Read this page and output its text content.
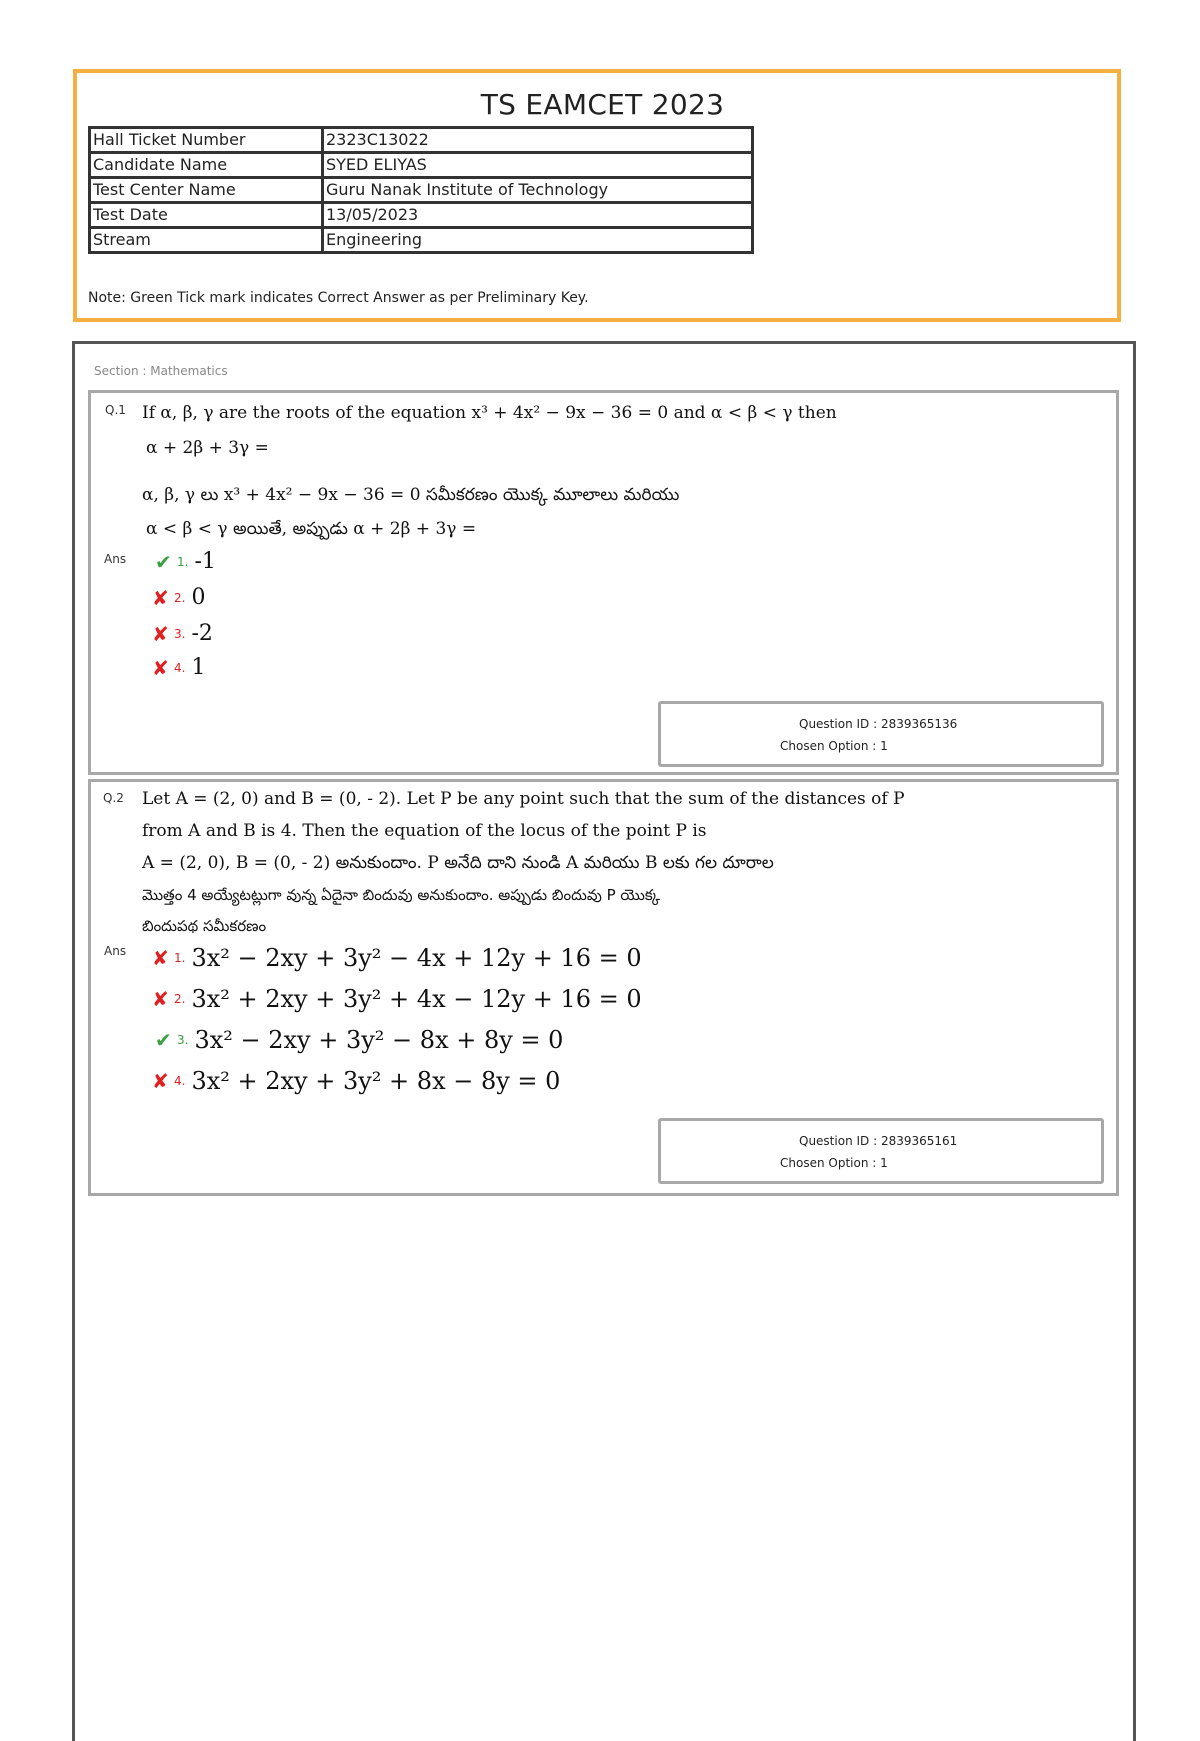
TS EAMCET 2023
Hall Ticket Number	2323C13022
Candidate Name	SYED ELIYAS
Test Center Name	Guru Nanak Institute of Technology
Test Date	13/05/2023
Stream	Engineering
Note: Green Tick mark indicates Correct Answer as per Preliminary Key.
Section : Mathematics
Q.1 If α, β, γ are the roots of the equation x³ + 4x² − 9x − 36 = 0 and α < β < γ then
α + 2β + 3γ =
α, β, γ లు x³ + 4x² − 9x − 36 = 0 సమీకరణం యొక్క మూలాలు మరియు
α < β < γ అయితే, అప్పుడు α + 2β + 3γ =
Ans ✔ 1. -1
✘ 2. 0
✘ 3. -2
✘ 4. 1
Question ID : 2839365136
Chosen Option : 1
Q.2 Let A = (2, 0) and B = (0, - 2). Let P be any point such that the sum of the distances of P
from A and B is 4. Then the equation of the locus of the point P is
A = (2, 0), B = (0, - 2) అనుకుందాం. P అనేది దాని నుండి A మరియు B లకు గల దూరాల
మొత్తం 4 అయ్యేటట్లుగా వున్న ఏదైనా బిందువు అనుకుందాం. అప్పుడు బిందువు P యొక్క
బిందుపథ సమీకరణం
Ans ✘ 1. 3x² − 2xy + 3y² − 4x + 12y + 16 = 0
✘ 2. 3x² + 2xy + 3y² + 4x − 12y + 16 = 0
✔ 3. 3x² − 2xy + 3y² − 8x + 8y = 0
✘ 4. 3x² + 2xy + 3y² + 8x − 8y = 0
Question ID : 2839365161
Chosen Option : 1
